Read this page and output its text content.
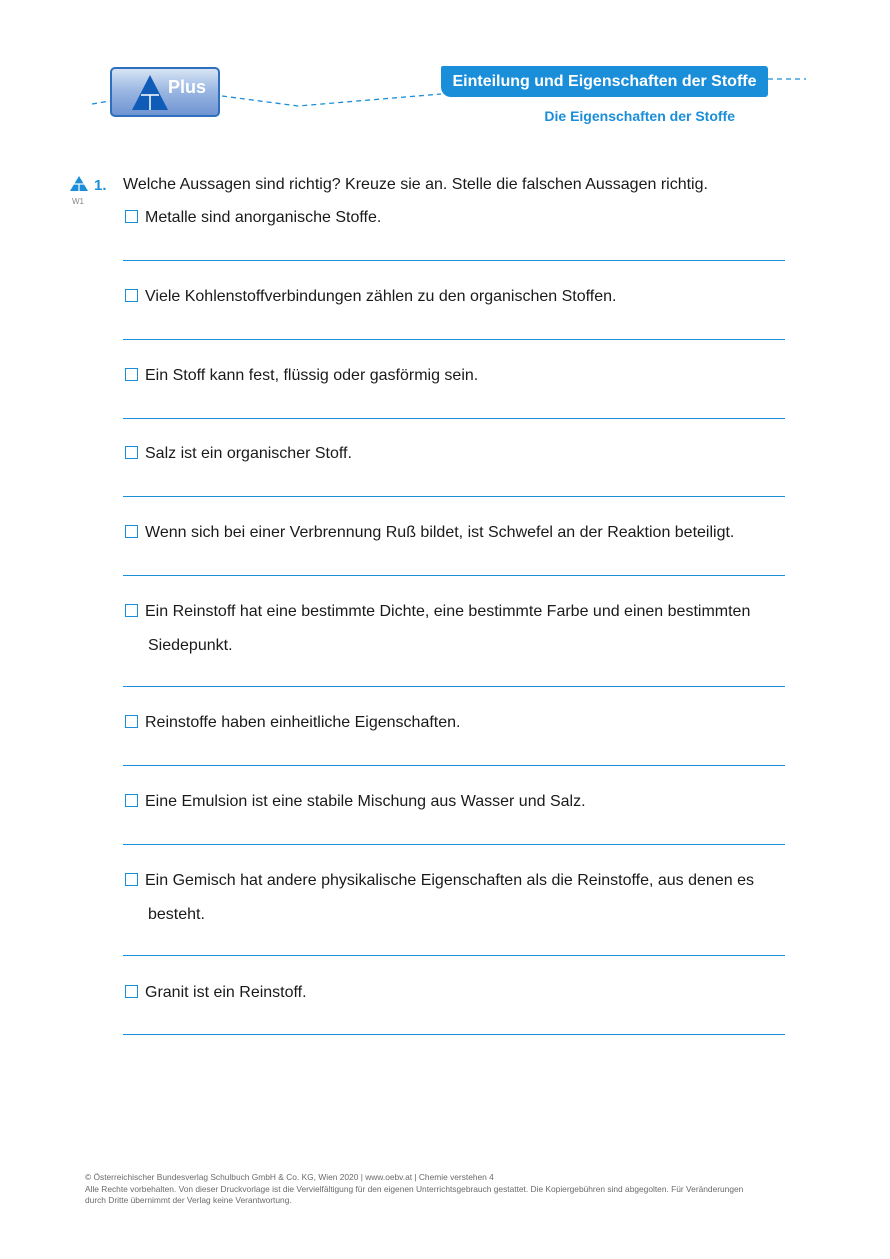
Plus	Einteilung und Eigenschaften der Stoffe
Die Eigenschaften der Stoffe
1.
W1
Welche Aussagen sind richtig? Kreuze sie an. Stelle die falschen Aussagen richtig.
Metalle sind anorganische Stoffe.
Viele Kohlenstoffverbindungen zählen zu den organischen Stoffen.
Ein Stoff kann fest, flüssig oder gasförmig sein.
Salz ist ein organischer Stoff.
Wenn sich bei einer Verbrennung Ruß bildet, ist Schwefel an der Reaktion beteiligt.
Ein Reinstoff hat eine bestimmte Dichte, eine bestimmte Farbe und einen bestimmten
Siedepunkt.
Reinstoffe haben einheitliche Eigenschaften.
Eine Emulsion ist eine stabile Mischung aus Wasser und Salz.
Ein Gemisch hat andere physikalische Eigenschaften als die Reinstoffe, aus denen es
besteht.
Granit ist ein Reinstoff.
© Österreichischer Bundesverlag Schulbuch GmbH & Co. KG, Wien 2020 | www.oebv.at | Chemie verstehen 4
Alle Rechte vorbehalten. Von dieser Druckvorlage ist die Vervielfältigung für den eigenen Unterrichtsgebrauch gestattet. Die Kopiergebühren sind abgegolten. Für Veränderungen
durch Dritte übernimmt der Verlag keine Verantwortung.
